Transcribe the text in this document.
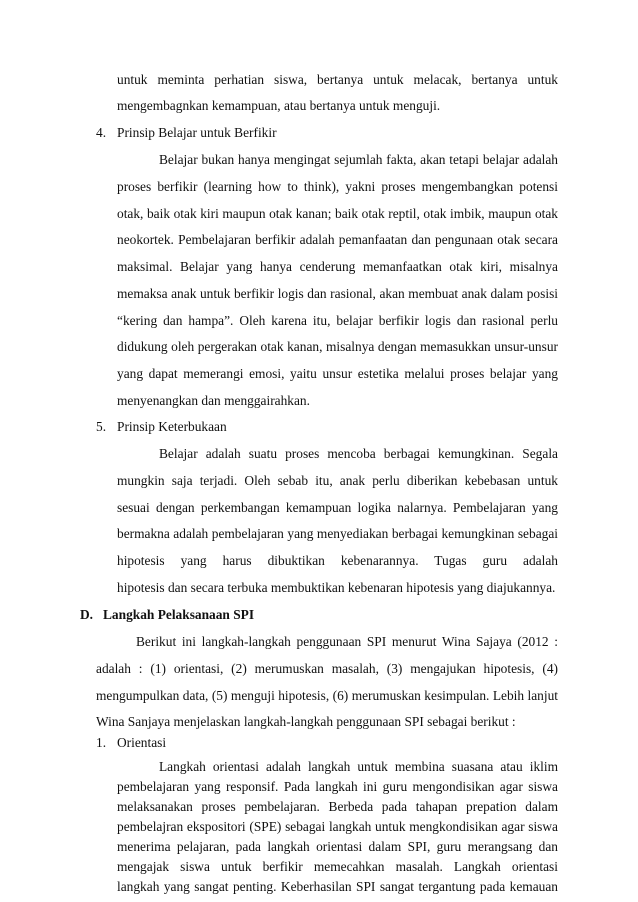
untuk meminta perhatian siswa, bertanya untuk melacak, bertanya untuk
mengembagnkan kemampuan, atau bertanya untuk menguji.
4. Prinsip Belajar untuk Berfikir
Belajar bukan hanya mengingat sejumlah fakta, akan tetapi belajar adalah
proses berfikir (learning how to think), yakni proses mengembangkan potensi
otak, baik otak kiri maupun otak kanan; baik otak reptil, otak imbik, maupun otak
neokortek. Pembelajaran berfikir adalah pemanfaatan dan pengunaan otak secara
maksimal. Belajar yang hanya cenderung memanfaatkan otak kiri, misalnya
memaksa anak untuk berfikir logis dan rasional, akan membuat anak dalam posisi
“kering dan hampa”. Oleh karena itu, belajar berfikir logis dan rasional perlu
didukung oleh pergerakan otak kanan, misalnya dengan memasukkan unsur-unsur
yang dapat memerangi emosi, yaitu unsur estetika melalui proses belajar yang
menyenangkan dan menggairahkan.
5. Prinsip Keterbukaan
Belajar adalah suatu proses mencoba berbagai kemungkinan. Segala
mungkin saja terjadi. Oleh sebab itu, anak perlu diberikan kebebasan untuk
sesuai dengan perkembangan kemampuan logika nalarnya. Pembelajaran yang
bermakna adalah pembelajaran yang menyediakan berbagai kemungkinan sebagai
hipotesis yang harus dibuktikan kebenarannya. Tugas guru adalah
hipotesis dan secara terbuka membuktikan kebenaran hipotesis yang diajukannya.
D. Langkah Pelaksanaan SPI
Berikut ini langkah-langkah penggunaan SPI menurut Wina Sajaya (2012 :
adalah : (1) orientasi, (2) merumuskan masalah, (3) mengajukan hipotesis, (4)
mengumpulkan data, (5) menguji hipotesis, (6) merumuskan kesimpulan. Lebih lanjut
Wina Sanjaya menjelaskan langkah-langkah penggunaan SPI sebagai berikut :
1. Orientasi
Langkah orientasi adalah langkah untuk membina suasana atau iklim
pembelajaran yang responsif. Pada langkah ini guru mengondisikan agar siswa
melaksanakan proses pembelajaran. Berbeda pada tahapan prepation dalam
pembelajran ekspositori (SPE) sebagai langkah untuk mengkondisikan agar siswa
menerima pelajaran, pada langkah orientasi dalam SPI, guru merangsang dan
mengajak siswa untuk berfikir memecahkan masalah. Langkah orientasi
langkah yang sangat penting. Keberhasilan SPI sangat tergantung pada kemauan
